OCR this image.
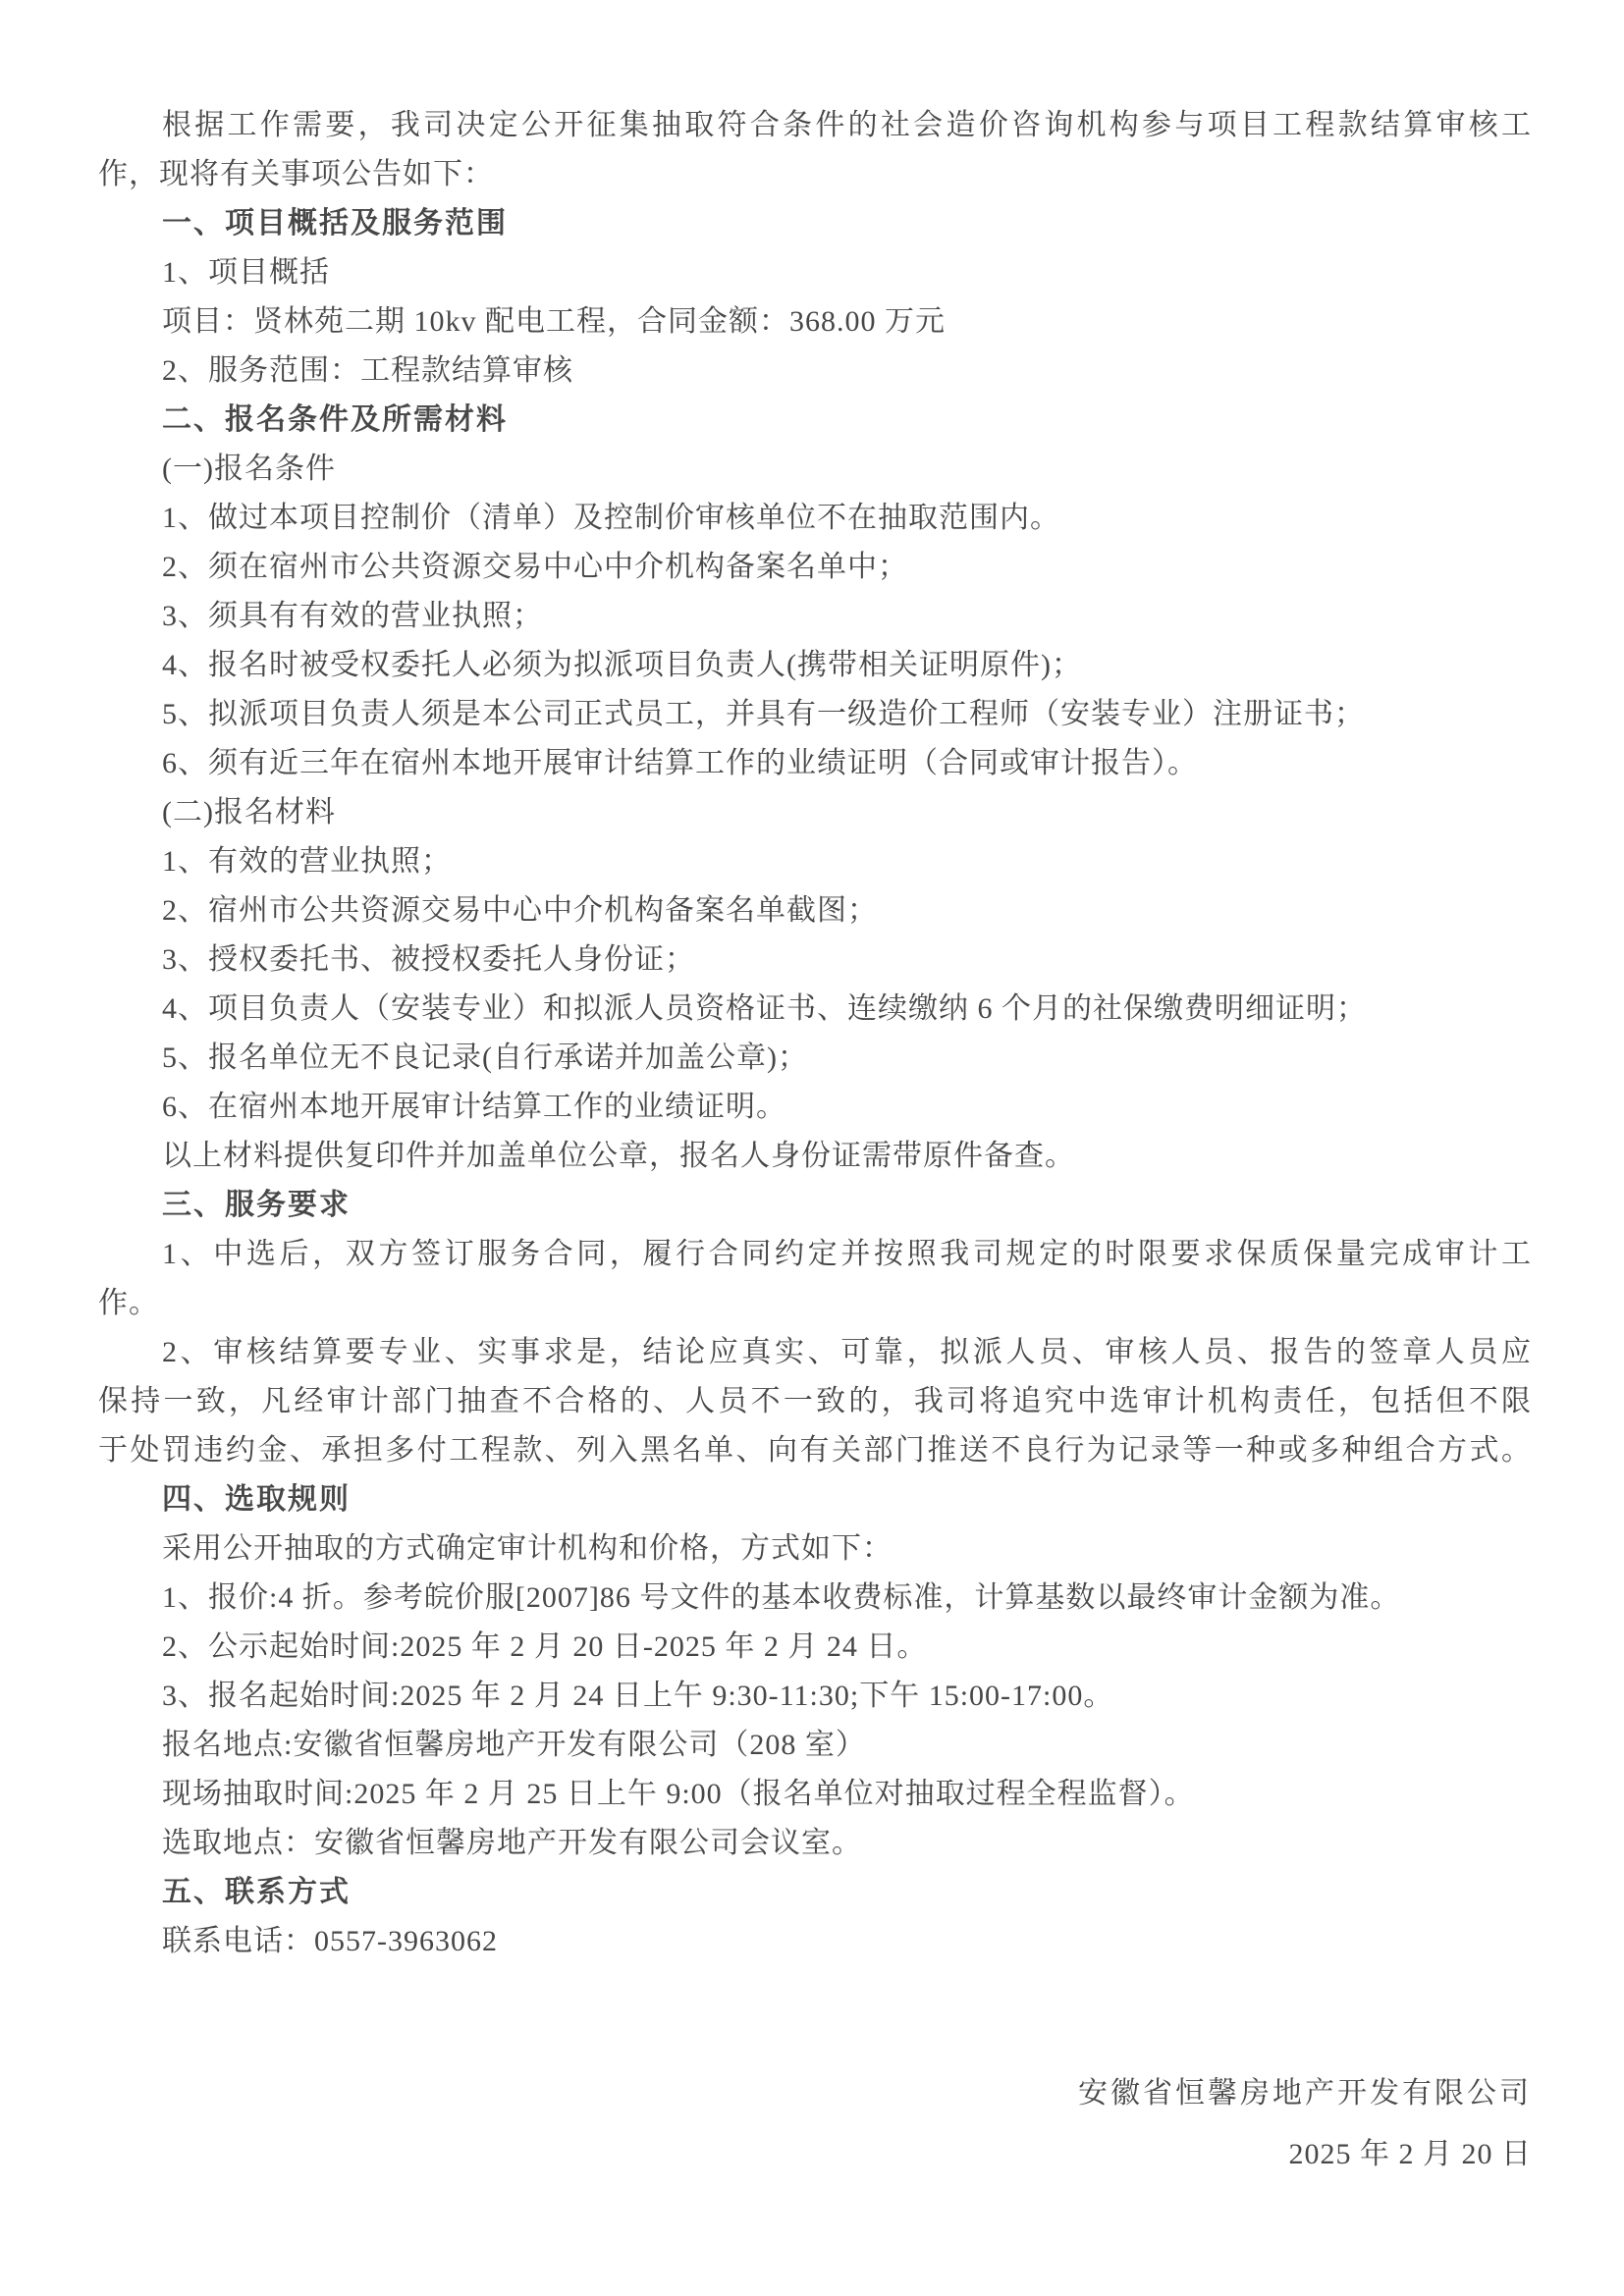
根据工作需要，我司决定公开征集抽取符合条件的社会造价咨询机构参与项目工程款结算审核工
作，现将有关事项公告如下：
一、项目概括及服务范围
1、项目概括
项目：贤林苑二期 10kv 配电工程，合同金额：368.00 万元
2、服务范围：工程款结算审核
二、报名条件及所需材料
(一)报名条件
1、做过本项目控制价（清单）及控制价审核单位不在抽取范围内。
2、须在宿州市公共资源交易中心中介机构备案名单中；
3、须具有有效的营业执照；
4、报名时被受权委托人必须为拟派项目负责人(携带相关证明原件)；
5、拟派项目负责人须是本公司正式员工，并具有一级造价工程师（安装专业）注册证书；
6、须有近三年在宿州本地开展审计结算工作的业绩证明（合同或审计报告）。
(二)报名材料
1、有效的营业执照；
2、宿州市公共资源交易中心中介机构备案名单截图；
3、授权委托书、被授权委托人身份证；
4、项目负责人（安装专业）和拟派人员资格证书、连续缴纳 6 个月的社保缴费明细证明；
5、报名单位无不良记录(自行承诺并加盖公章)；
6、在宿州本地开展审计结算工作的业绩证明。
以上材料提供复印件并加盖单位公章，报名人身份证需带原件备查。
三、服务要求
1、中选后，双方签订服务合同，履行合同约定并按照我司规定的时限要求保质保量完成审计工
作。
2、审核结算要专业、实事求是，结论应真实、可靠，拟派人员、审核人员、报告的签章人员应
保持一致，凡经审计部门抽查不合格的、人员不一致的，我司将追究中选审计机构责任，包括但不限
于处罚违约金、承担多付工程款、列入黑名单、向有关部门推送不良行为记录等一种或多种组合方式。
四、选取规则
采用公开抽取的方式确定审计机构和价格，方式如下：
1、报价:4 折。参考皖价服[2007]86 号文件的基本收费标准，计算基数以最终审计金额为准。
2、公示起始时间:2025 年 2 月 20 日-2025 年 2 月 24 日。
3、报名起始时间:2025 年 2 月 24 日上午 9:30-11:30;下午 15:00-17:00。
报名地点:安徽省恒馨房地产开发有限公司（208 室）
现场抽取时间:2025 年 2 月 25 日上午 9:00（报名单位对抽取过程全程监督）。
选取地点：安徽省恒馨房地产开发有限公司会议室。
五、联系方式
联系电话：0557-3963062
安徽省恒馨房地产开发有限公司
2025 年 2 月 20 日
